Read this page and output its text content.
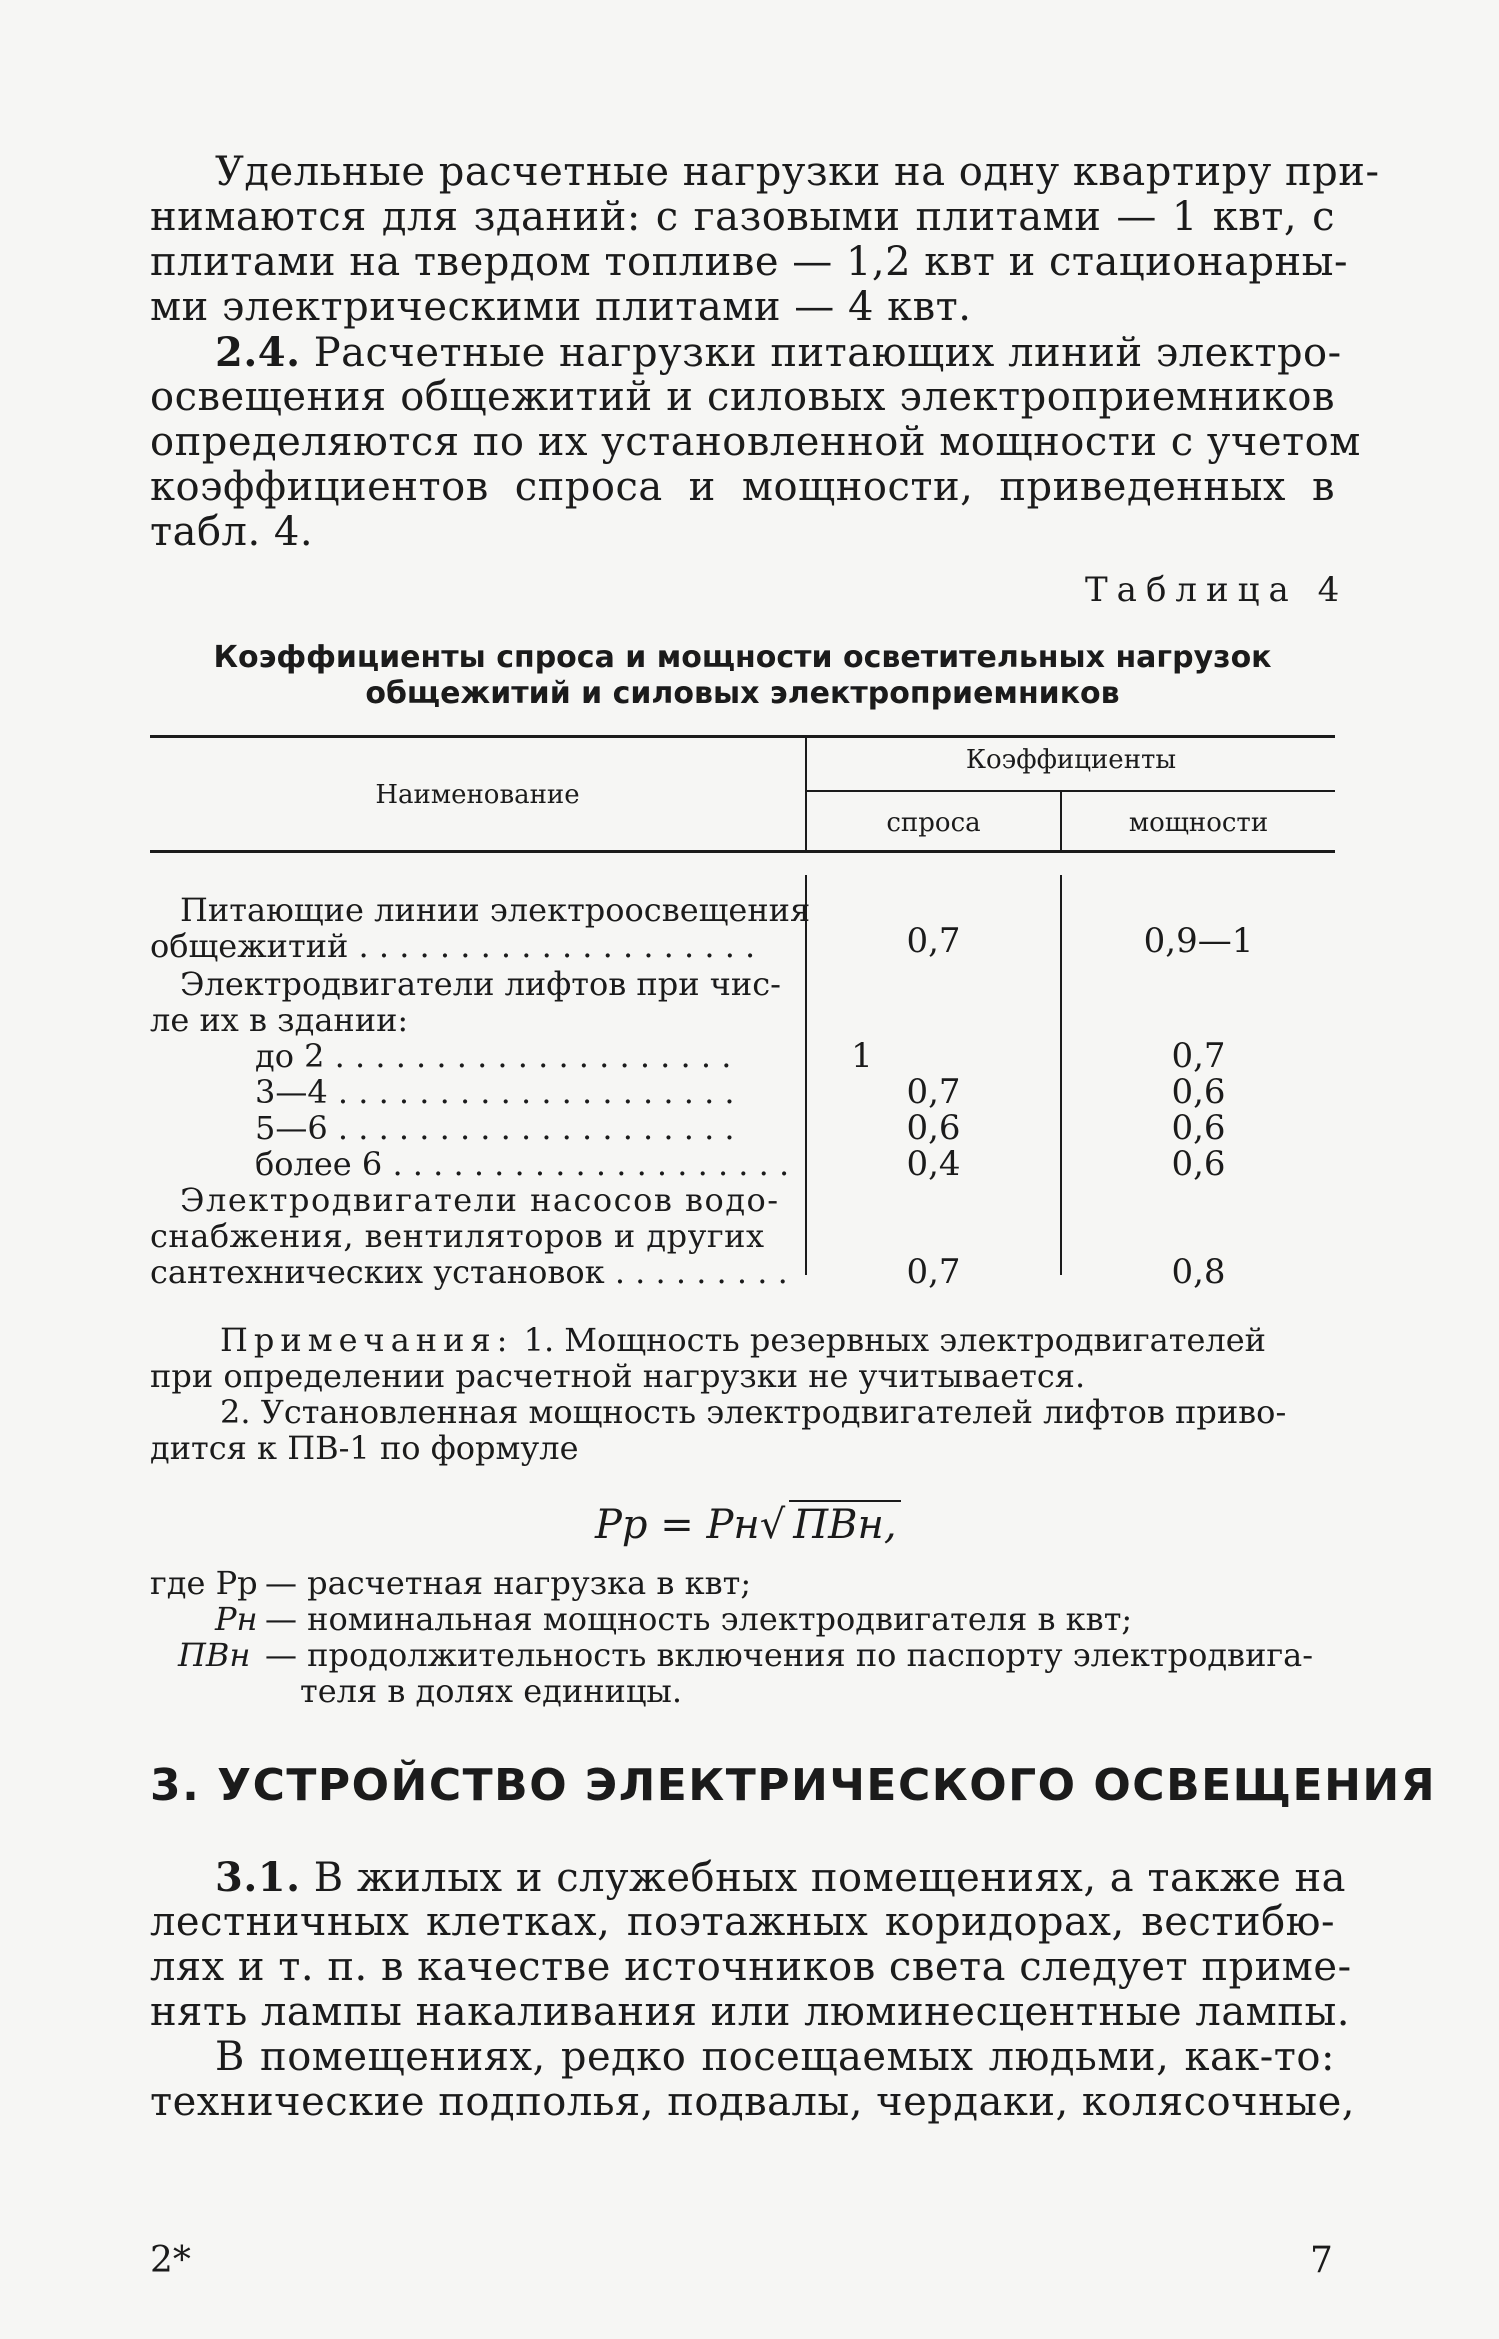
Удельные расчетные нагрузки на одну квартиру при-
нимаются для зданий: с газовыми плитами — 1 квт, с
плитами на твердом топливе — 1,2 квт и стационарны-
ми электрическими плитами — 4 квт.
2.4. Расчетные нагрузки питающих линий электро-
освещения общежитий и силовых электроприемников
определяются по их установленной мощности с учетом
коэффициентов спроса и мощности, приведенных в
табл. 4.
Таблица 4
Коэффициенты спроса и мощности осветительных нагрузок
общежитий и силовых электроприемников
Наименование
Коэффициенты
спроса	мощности
Питающие линии электроосвещения
общежитий . . .	0,7	0,9—1
Электродвигатели лифтов при чис-
ле их в здании:
до 2 . . .	1	0,7
3—4 . . .	0,7	0,6
5—6 . . .	0,6	0,6
более 6 . . .	0,4	0,6
Электродвигатели насосов водо-
снабжения, вентиляторов и других
сантехнических установок . . .	0,7	0,8
Примечания: 1. Мощность резервных электродвигателей
при определении расчетной нагрузки не учитывается.
2. Установленная мощность электродвигателей лифтов приво-
дится к ПВ-1 по формуле
Pр = Pн√ ПВн,
где Pр — расчетная нагрузка в квт;
Pн — номинальная мощность электродвигателя в квт;
ПВн — продолжительность включения по паспорту электродвига-
теля в долях единицы.
3. УСТРОЙСТВО ЭЛЕКТРИЧЕСКОГО ОСВЕЩЕНИЯ
3.1. В жилых и служебных помещениях, а также на
лестничных клетках, поэтажных коридорах, вестибю-
лях и т. п. в качестве источников света следует приме-
нять лампы накаливания или люминесцентные лампы.
В помещениях, редко посещаемых людьми, как-то:
технические подполья, подвалы, чердаки, колясочные,
2*	7
